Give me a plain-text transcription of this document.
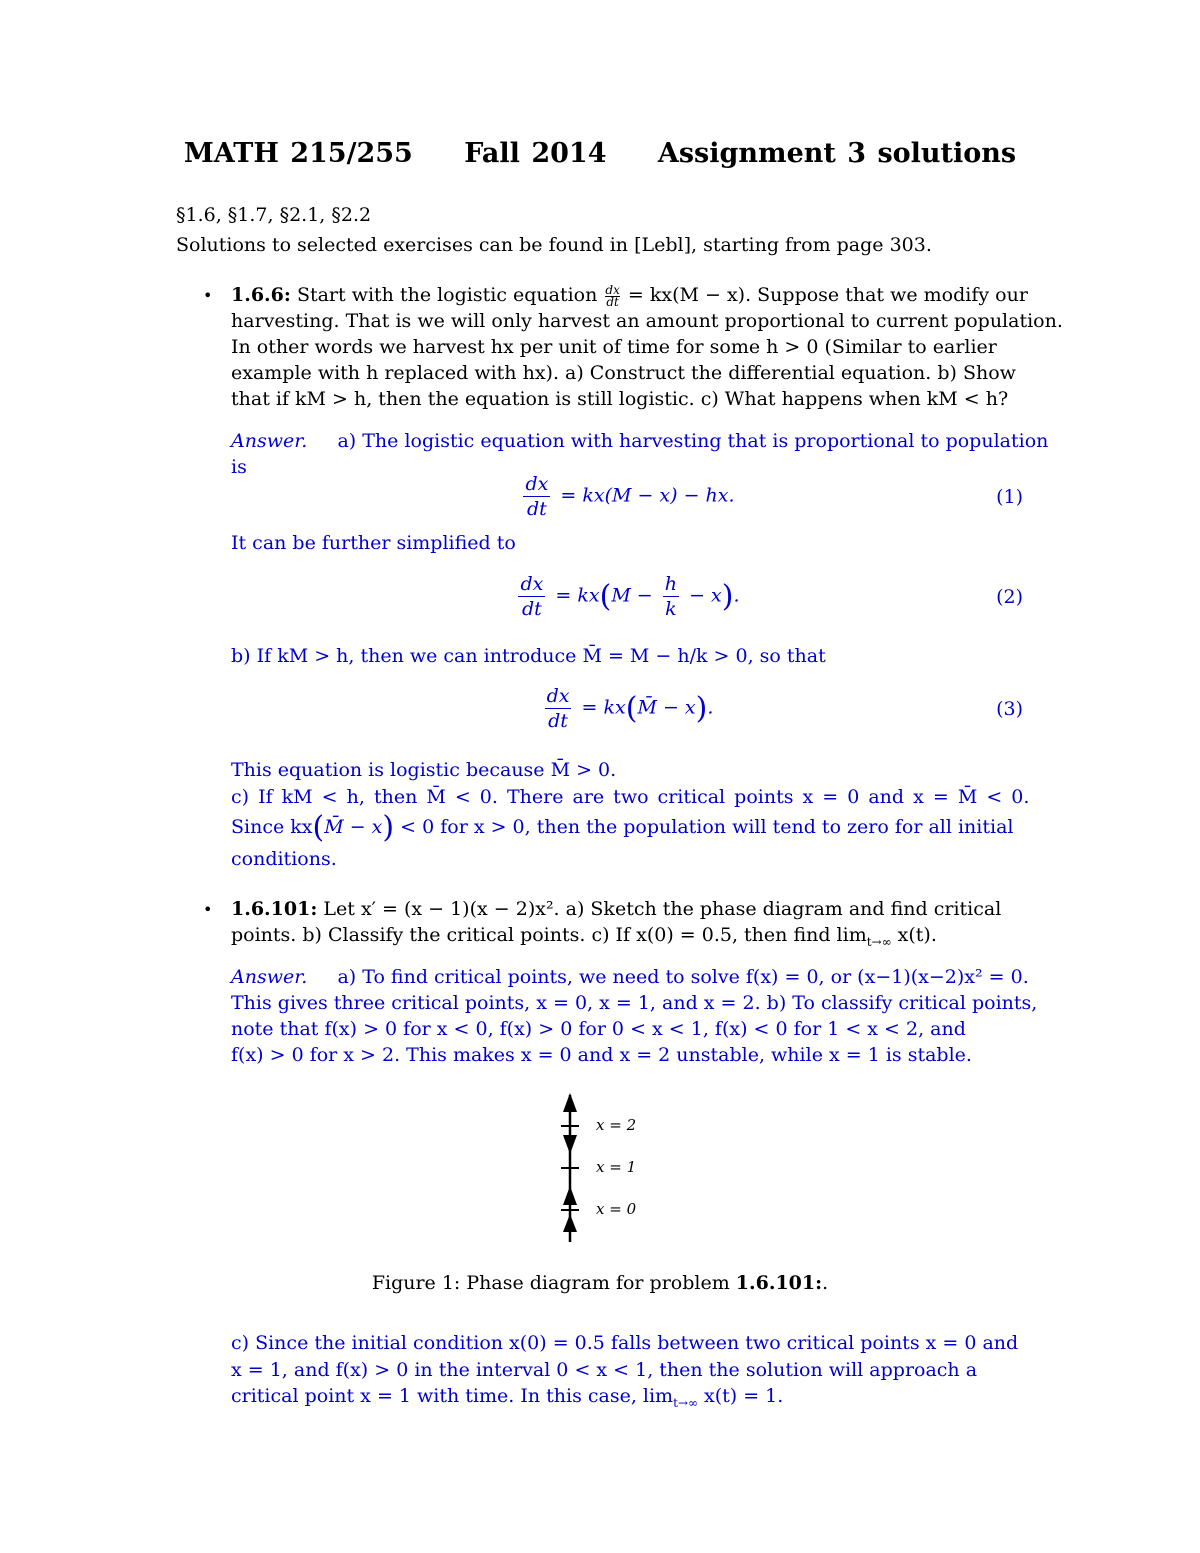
MATH 215/255 Fall 2014 Assignment 3 solutions
§1.6, §1.7, §2.1, §2.2
Solutions to selected exercises can be found in [Lebl], starting from page 303.
• 1.6.6: Start with the logistic equation $\frac{dx}{dt} = kx(M - x)$. Suppose that we modify our
harvesting. That is we will only harvest an amount proportional to current population.
In other words we harvest hx per unit of time for some h > 0 (Similar to earlier
example with h replaced with hx). a) Construct the differential equation. b) Show
that if kM > h, then the equation is still logistic. c) What happens when kM < h?
Answer. a) The logistic equation with harvesting that is proportional to population
is
$\frac{dx}{dt} = kx(M - x)$ − hx.	(1)
It can be further simplified to
$\frac{dx}{dt} = kx(M - \frac{h}{k} - x)$.	(2)
b) If kM > h, then we can introduce M̄ = M − h/k > 0, so that
$\frac{dx}{dt}$ = kx(M̄ − x).	(3)
This equation is logistic because M̄ > 0.
c) If kM < h, then M̄ < 0. There are two critical points x = 0 and x = M̄ < 0.
Since kx(M̄ − x) < 0 for x > 0, then the population will tend to zero for all initial
conditions.
• 1.6.101: Let x′ = (x − 1)(x − 2)x². a) Sketch the phase diagram and find critical
points. b) Classify the critical points. c) If x(0) = 0.5, then find $\lim_{t\to\infty} x(t)$.
Answer. a) To find critical points, we need to solve f(x) = 0, or (x−1)(x−2)x² = 0.
This gives three critical points, x = 0, x = 1, and x = 2. b) To classify critical points,
note that f(x) > 0 for x < 0, f(x) > 0 for 0 < x < 1, f(x) < 0 for 1 < x < 2, and
f(x) > 0 for x > 2. This makes x = 0 and x = 2 unstable, while x = 1 is stable.
x = 2
x = 1
x = 0
Figure 1: Phase diagram for problem 1.6.101:.
c) Since the initial condition x(0) = 0.5 falls between two critical points x = 0 and
x = 1, and f(x) > 0 in the interval 0 < x < 1, then the solution will approach a
critical point x = 1 with time. In this case, $\lim_{t\to\infty} x(t) = 1$.
